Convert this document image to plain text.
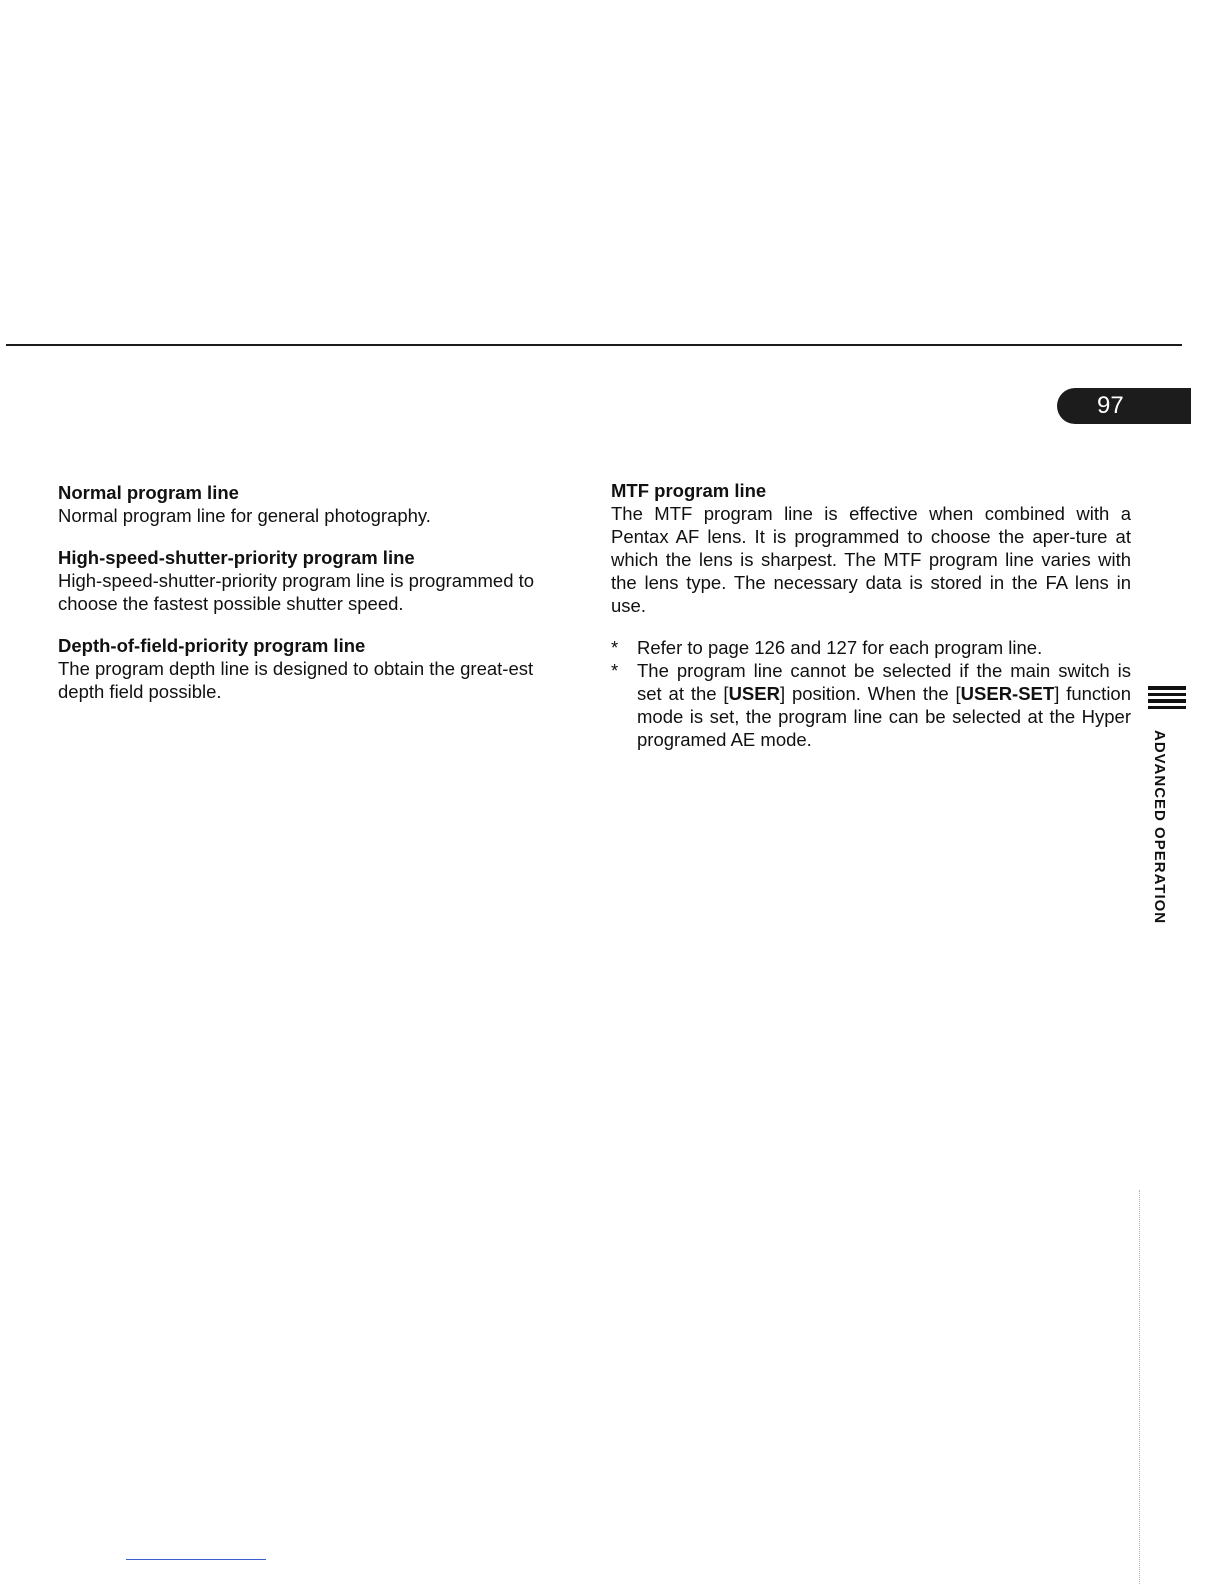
97

Normal program line

Normal program line for general photography.

High-speed-shutter-priority program line

High-speed-shutter-priority program line is programmed to choose the fastest possible shutter speed.

Depth-of-field-priority program line

The program depth line is designed to obtain the great-est depth field possible.

MTF program line

The MTF program line is effective when combined with a Pentax AF lens. It is programmed to choose the aper-ture at which the lens is sharpest. The MTF program line varies with the lens type. The necessary data is stored in the FA lens in use.

* Refer to page 126 and 127 for each program line.
* The program line cannot be selected if the main switch is set at the [USER] position. When the [USER-SET] function mode is set, the program line can be selected at the Hyper programed AE mode.	ADVANCED OPERATION
